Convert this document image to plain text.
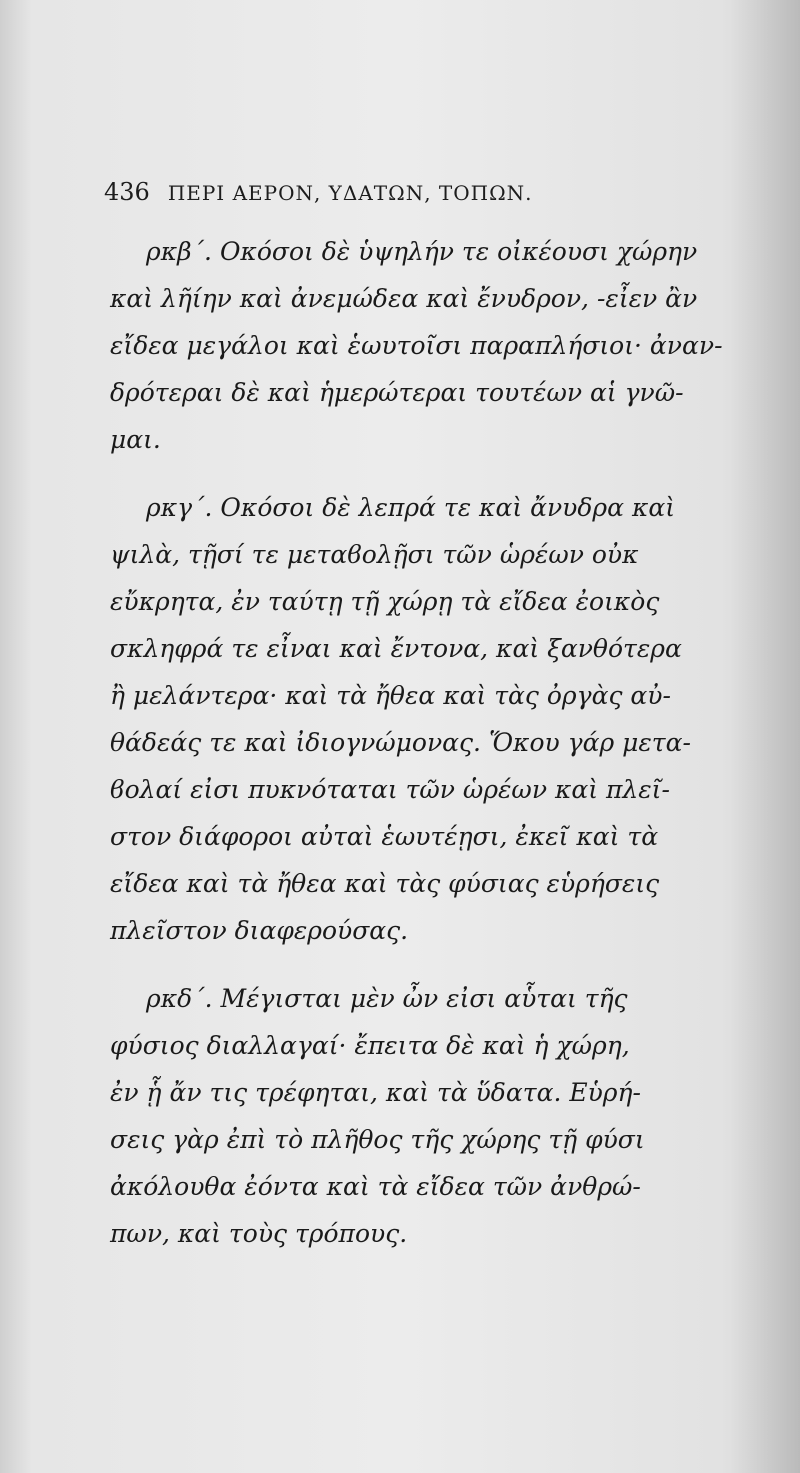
436 ΠΕΡΙ ΑΕΡΟΝ, ΥΔΑΤΩΝ, ΤΟΠΩΝ.

ρκβ΄. Οκόσοι δὲ ὑψηλήν τε οἰκέουσι χώρην
καὶ λη̃ίην καὶ ἀνεμώδεα καὶ ἔνυδρον, -εἶεν ἂν
εἴδεα μεγάλοι καὶ ἑωυτοῖσι παραπλήσιοι· ἀναν-
δρότεραι δὲ καὶ ἡμερώτεραι τουτέων αἱ γνῶ-
μαι.

ρκγ΄. Οκόσοι δὲ λεπρά τε καὶ ἄνυδρα καὶ
ψιλὰ, τῇσί τε μεταϐολῇσι τῶν ὡρέων οὐκ
εὔκρητα, ἐν ταύτῃ τῇ χώρῃ τὰ εἴδεα ἐοικὸς
σκληφρά τε εἶναι καὶ ἔντονα, καὶ ξανθότερα
ἢ μελάντερα· καὶ τὰ ἤθεα καὶ τὰς ὀργὰς αὐ-
θάδεάς τε καὶ ἰδιογνώμονας. Ὅκου γάρ μετα-
ϐολαί εἰσι πυκνόταται τῶν ὡρέων καὶ πλεῖ-
στον διάφοροι αὐταὶ ἑωυτέῃσι, ἐκεῖ καὶ τὰ
εἴδεα καὶ τὰ ἤθεα καὶ τὰς φύσιας εὑρήσεις
πλεῖστον διαφερούσας.

ρκδ΄. Μέγισται μὲν ὦν εἰσι αὗται τῆς
φύσιος διαλλαγαί· ἔπειτα δὲ καὶ ἡ χώρη,
ἐν ᾗ ἄν τις τρέφηται, καὶ τὰ ὕδατα. Εὑρή-
σεις γὰρ ἐπὶ τὸ πλῆθος τῆς χώρης τῇ φύσι
ἀκόλουθα ἐόντα καὶ τὰ εἴδεα τῶν ἀνθρώ-
πων, καὶ τοὺς τρόπους.
